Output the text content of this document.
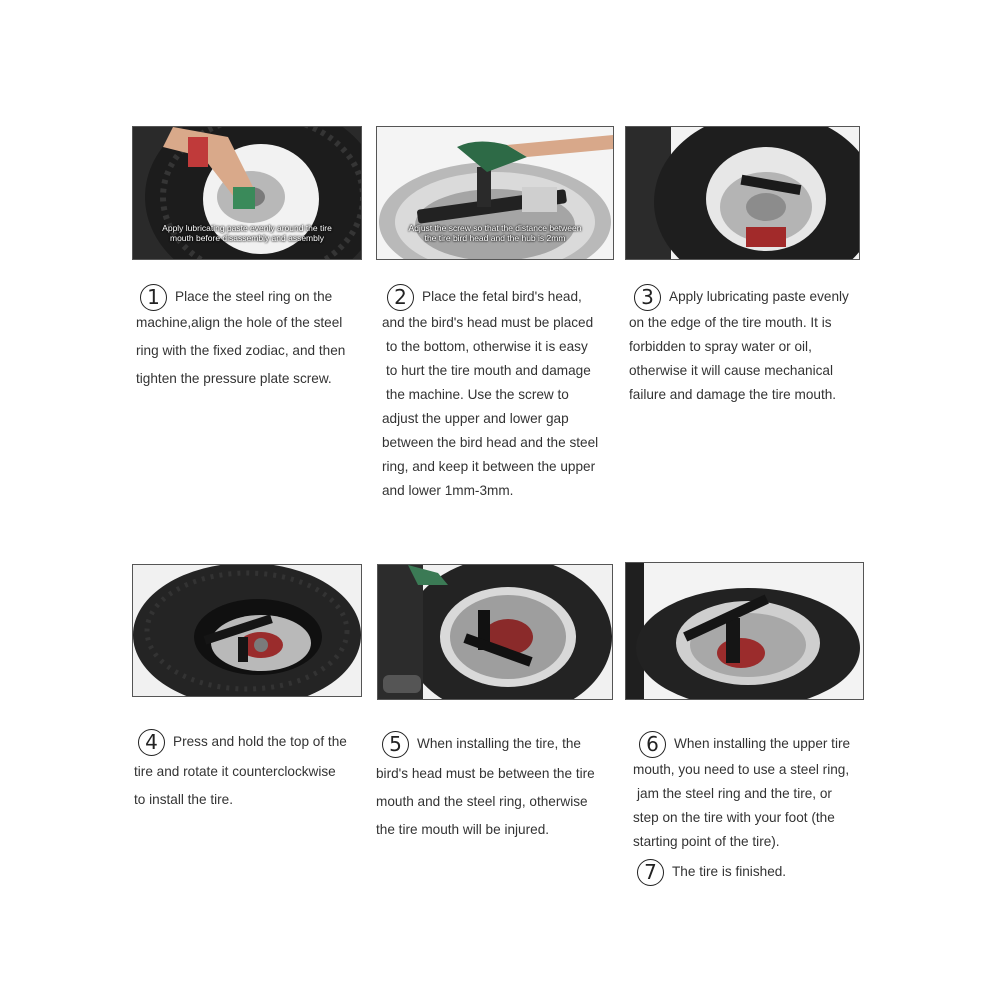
Apply lubricating paste evenly around the tire
mouth before disassembly and assembly
Adjust the screw so that the distance between
the tire bird head and the hub is 2mm
1 Place the steel ring on the
machine,align the hole of the steel
ring with the fixed zodiac, and then
tighten the pressure plate screw.
2 Place the fetal bird's head,
and the bird's head must be placed
to the bottom, otherwise it is easy
to hurt the tire mouth and damage
the machine. Use the screw to
adjust the upper and lower gap
between the bird head and the steel
ring, and keep it between the upper
and lower 1mm-3mm.
3 Apply lubricating paste evenly
on the edge of the tire mouth. It is
forbidden to spray water or oil,
otherwise it will cause mechanical
failure and damage the tire mouth.
4 Press and hold the top of the
tire and rotate it counterclockwise
to install the tire.
5 When installing the tire, the
bird's head must be between the tire
mouth and the steel ring, otherwise
the tire mouth will be injured.
6 When installing the upper tire
mouth, you need to use a steel ring,
jam the steel ring and the tire, or
step on the tire with your foot (the
starting point of the tire).
7 The tire is finished.
